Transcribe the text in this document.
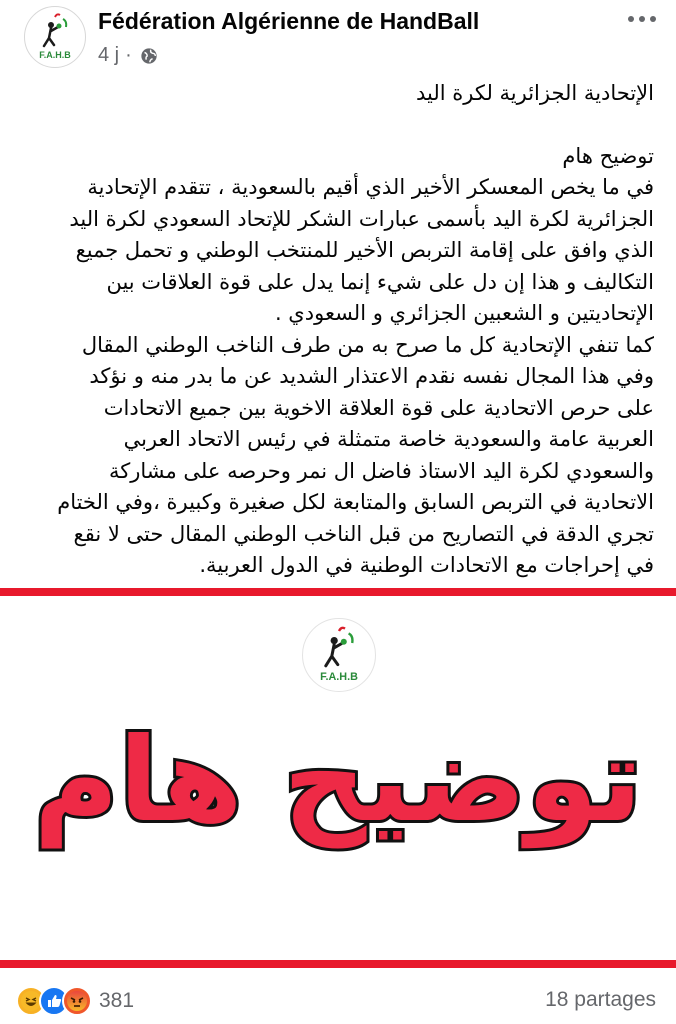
F.A.H.B
Fédération Algérienne de HandBall
4 j ·
الإتحادية الجزائرية لكرة اليد
توضيح هام
في ما يخص المعسكر الأخير الذي أقيم بالسعودية ، تتقدم الإتحادية
الجزائرية لكرة اليد بأسمى عبارات الشكر للإتحاد السعودي لكرة اليد
الذي وافق على إقامة التربص الأخير للمنتخب الوطني و تحمل جميع
التكاليف و هذا إن دل على شيء إنما يدل على قوة العلاقات بين
الإتحاديتين و الشعبين الجزائري و السعودي .
كما تنفي الإتحادية كل ما صرح به من طرف الناخب الوطني المقال
وفي هذا المجال نفسه نقدم الاعتذار الشديد عن ما بدر منه و نؤكد
على حرص الاتحادية على قوة العلاقة الاخوية بين جميع الاتحادات
العربية عامة والسعودية خاصة متمثلة في رئيس الاتحاد العربي
والسعودي لكرة اليد الاستاذ فاضل ال نمر وحرصه على مشاركة
الاتحادية في التربص السابق والمتابعة لكل صغيرة وكبيرة ،وفي الختام
تجري الدقة في التصاريح من قبل الناخب الوطني المقال حتى لا نقع
في إحراجات مع الاتحادات الوطنية في الدول العربية.
F.A.H.B
توضيح هام
381	18 partages
